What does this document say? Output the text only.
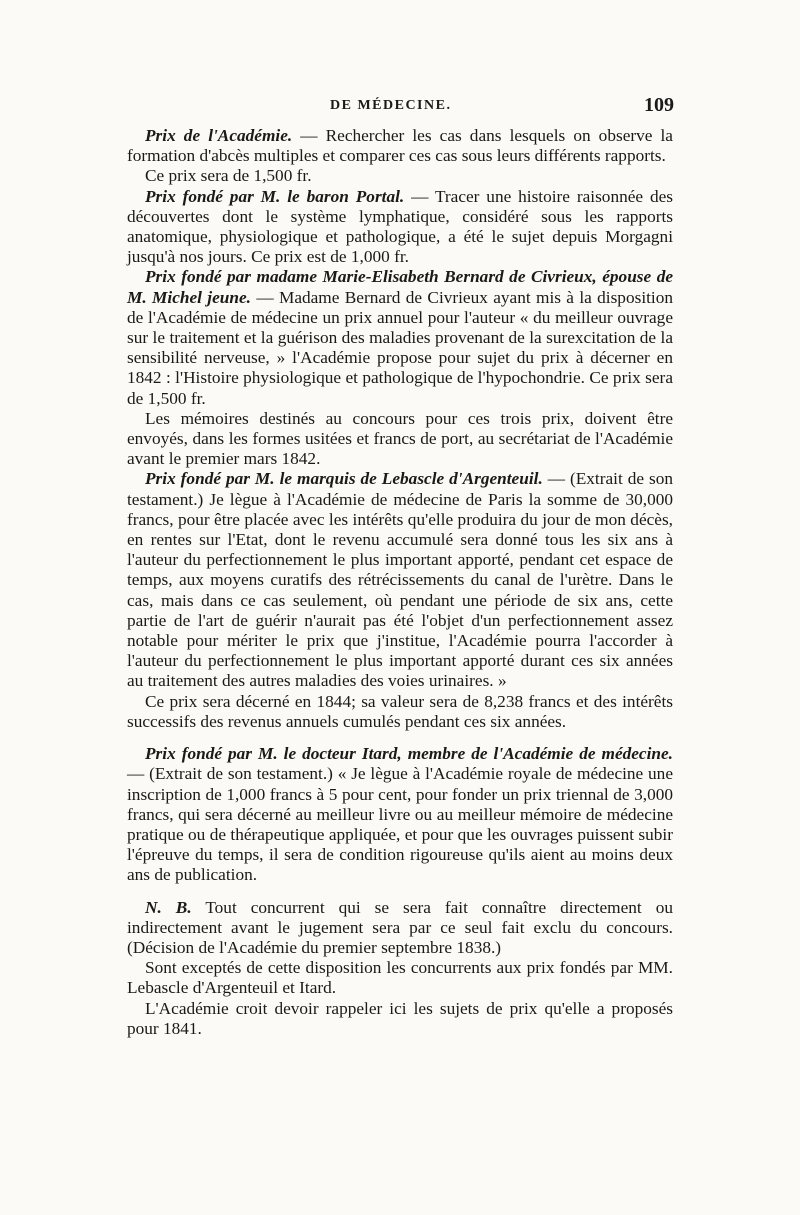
DE MÉDECINE.	109

Prix de l'Académie. — Rechercher les cas dans lesquels on observe la formation d'abcès multiples et comparer ces cas sous leurs différents rapports.

Ce prix sera de 1,500 fr.

Prix fondé par M. le baron Portal. — Tracer une histoire raisonnée des découvertes dont le système lymphatique, considéré sous les rapports anatomique, physiologique et pathologique, a été le sujet depuis Morgagni jusqu'à nos jours. Ce prix est de 1,000 fr.

Prix fondé par madame Marie-Elisabeth Bernard de Civrieux, épouse de M. Michel jeune. — Madame Bernard de Civrieux ayant mis à la disposition de l'Académie de médecine un prix annuel pour l'auteur « du meilleur ouvrage sur le traitement et la guérison des maladies provenant de la surexcitation de la sensibilité nerveuse, » l'Académie propose pour sujet du prix à décerner en 1842 : l'Histoire physiologique et pathologique de l'hypochondrie. Ce prix sera de 1,500 fr.

Les mémoires destinés au concours pour ces trois prix, doivent être envoyés, dans les formes usitées et francs de port, au secrétariat de l'Académie avant le premier mars 1842.

Prix fondé par M. le marquis de Lebascle d'Argenteuil. — (Extrait de son testament.) Je lègue à l'Académie de médecine de Paris la somme de 30,000 francs, pour être placée avec les intérêts qu'elle produira du jour de mon décès, en rentes sur l'Etat, dont le revenu accumulé sera donné tous les six ans à l'auteur du perfectionnement le plus important apporté, pendant cet espace de temps, aux moyens curatifs des rétrécissements du canal de l'urètre. Dans le cas, mais dans ce cas seulement, où pendant une période de six ans, cette partie de l'art de guérir n'aurait pas été l'objet d'un perfectionnement assez notable pour mériter le prix que j'institue, l'Académie pourra l'accorder à l'auteur du perfectionnement le plus important apporté durant ces six années au traitement des autres maladies des voies urinaires. »

Ce prix sera décerné en 1844; sa valeur sera de 8,238 francs et des intérêts successifs des revenus annuels cumulés pendant ces six années.

Prix fondé par M. le docteur Itard, membre de l'Académie de médecine. — (Extrait de son testament.) « Je lègue à l'Académie royale de médecine une inscription de 1,000 francs à 5 pour cent, pour fonder un prix triennal de 3,000 francs, qui sera décerné au meilleur livre ou au meilleur mémoire de médecine pratique ou de thérapeutique appliquée, et pour que les ouvrages puissent subir l'épreuve du temps, il sera de condition rigoureuse qu'ils aient au moins deux ans de publication.

N. B. Tout concurrent qui se sera fait connaître directement ou indirectement avant le jugement sera par ce seul fait exclu du concours. (Décision de l'Académie du premier septembre 1838.)

Sont exceptés de cette disposition les concurrents aux prix fondés par MM. Lebascle d'Argenteuil et Itard.

L'Académie croit devoir rappeler ici les sujets de prix qu'elle a proposés pour 1841.
